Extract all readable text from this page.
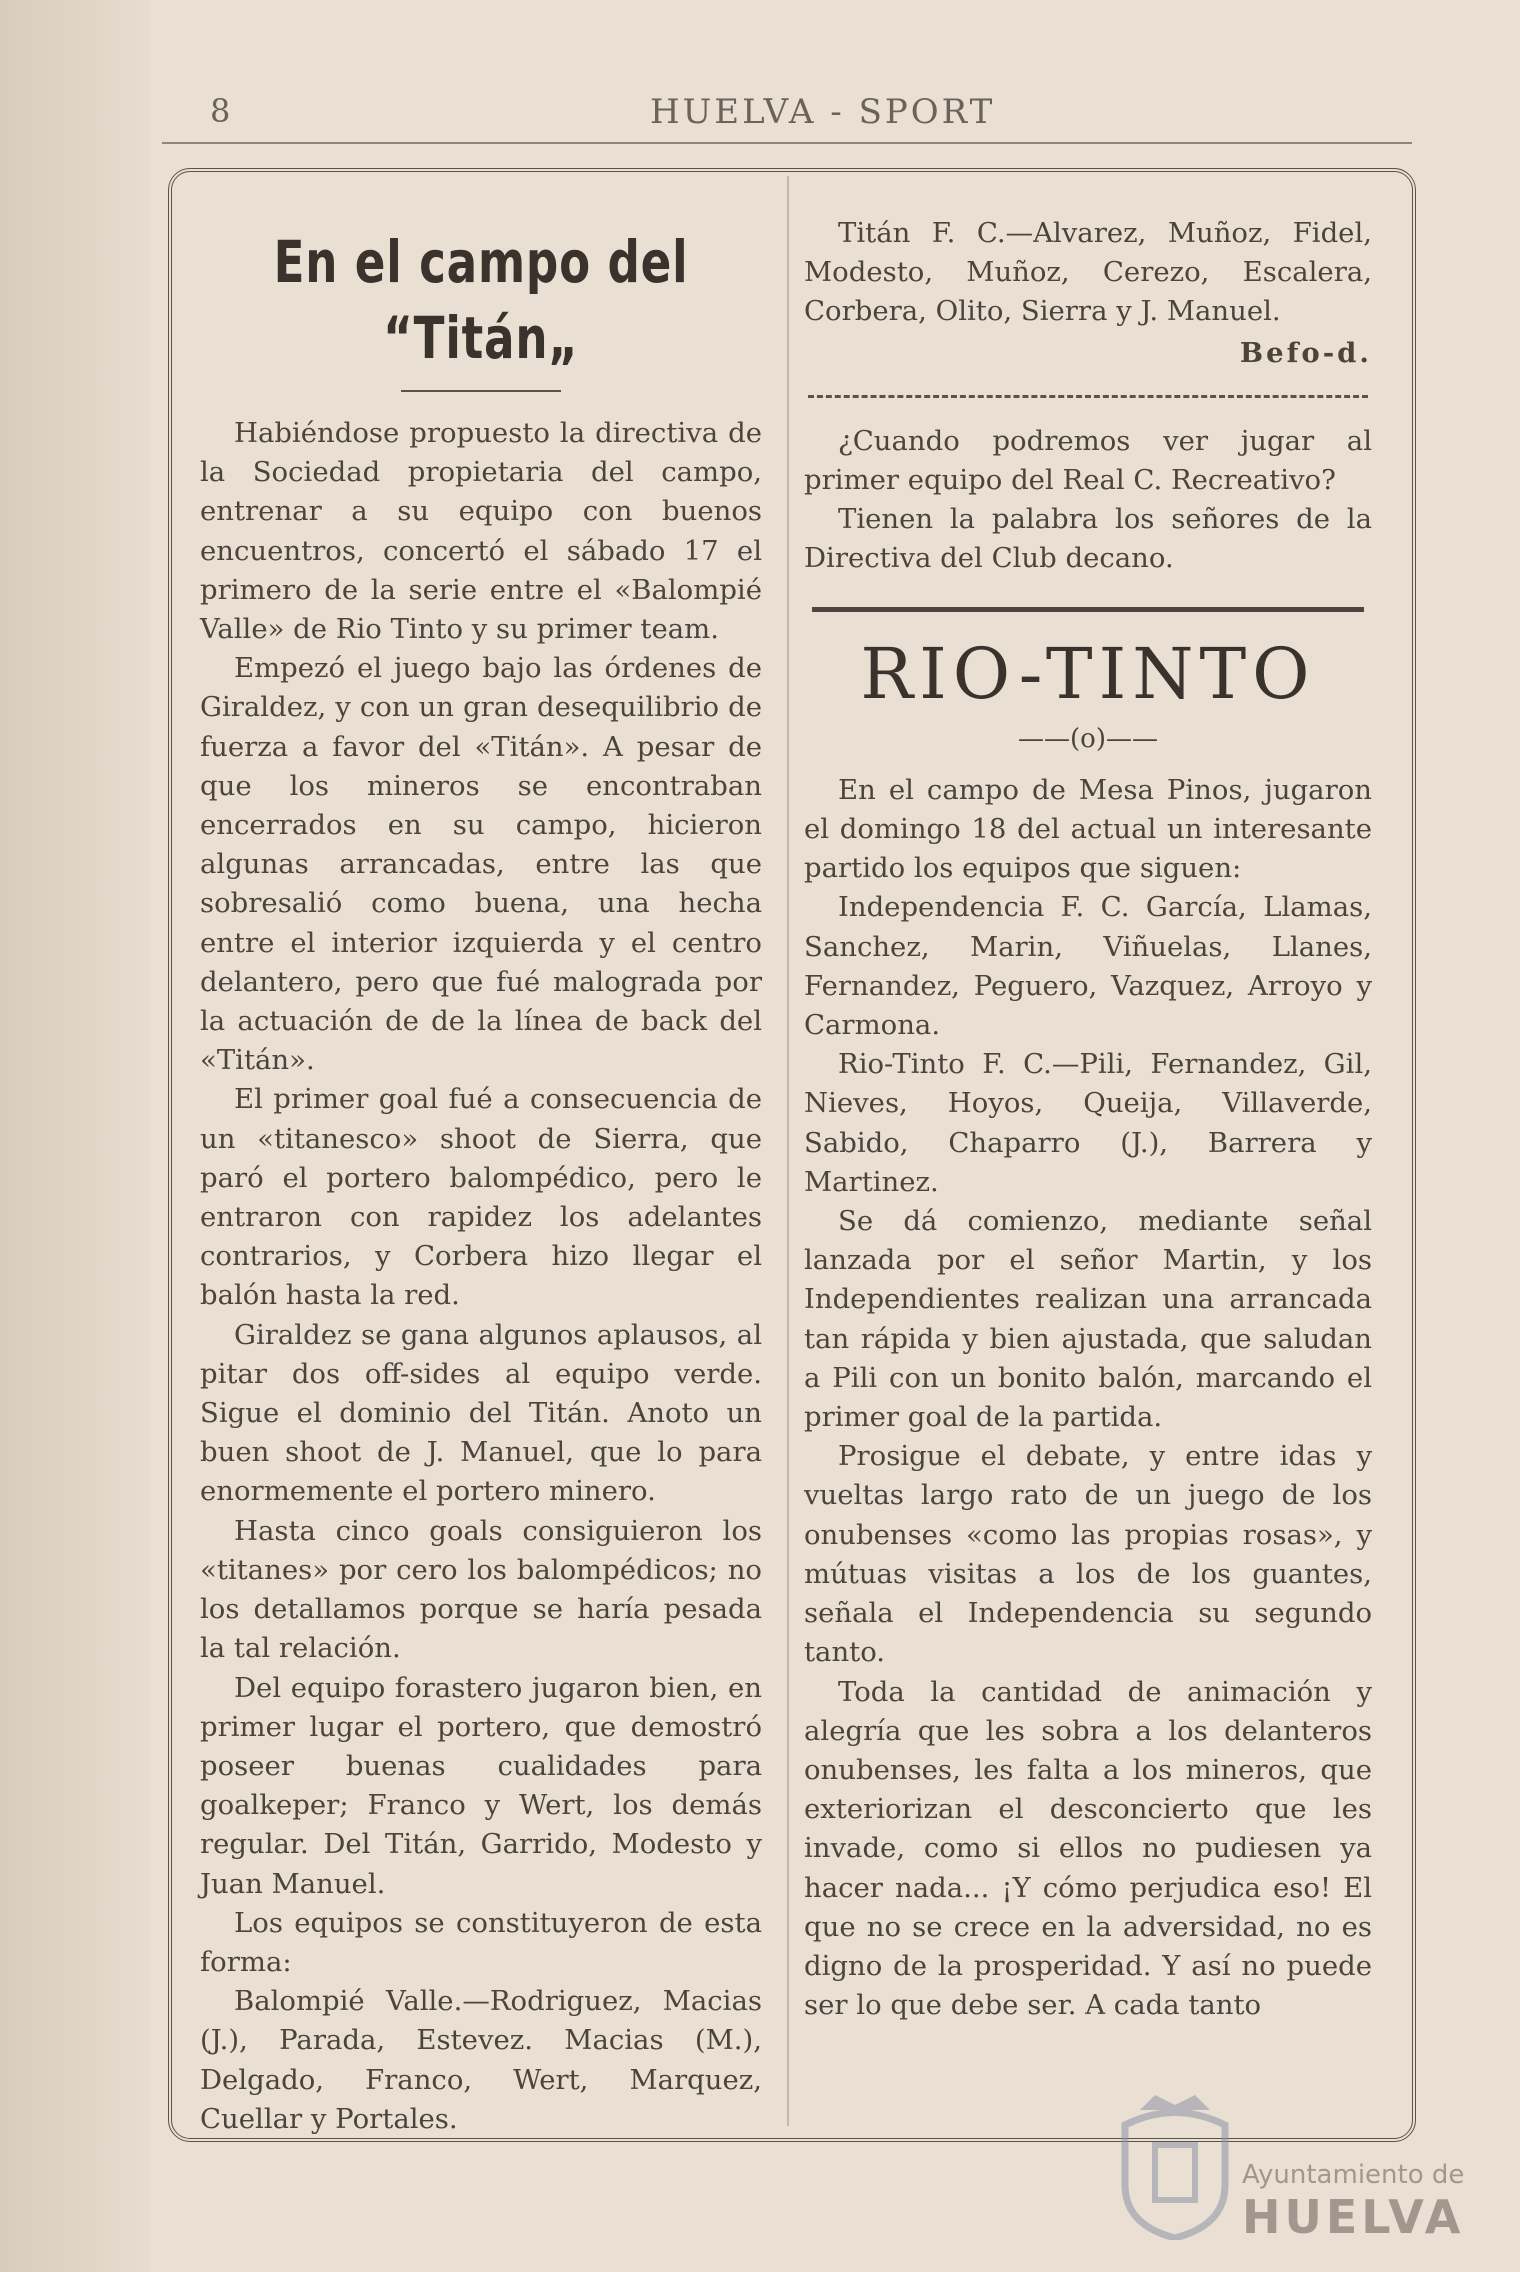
8	HUELVA - SPORT
En el campo del “Titán„

Habiéndose propuesto la directiva de la Sociedad propietaria del campo, entrenar a su equipo con buenos encuentros, concertó el sábado 17 el primero de la serie entre el «Balompié Valle» de Rio Tinto y su primer team.

Empezó el juego bajo las órdenes de Giraldez, y con un gran desequilibrio de fuerza a favor del «Titán». A pesar de que los mineros se encontraban encerrados en su campo, hicieron algunas arrancadas, entre las que sobresalió como buena, una hecha entre el interior izquierda y el centro delantero, pero que fué malograda por la actuación de de la línea de back del «Titán».

El primer goal fué a consecuencia de un «titanesco» shoot de Sierra, que paró el portero balompédico, pero le entraron con rapidez los adelantes contrarios, y Corbera hizo llegar el balón hasta la red.

Giraldez se gana algunos aplausos, al pitar dos off-sides al equipo verde. Sigue el dominio del Titán. Anoto un buen shoot de J. Manuel, que lo para enormemente el portero minero.

Hasta cinco goals consiguieron los «titanes» por cero los balompédicos; no los detallamos porque se haría pesada la tal relación.

Del equipo forastero jugaron bien, en primer lugar el portero, que demostró poseer buenas cualidades para goalkeper; Franco y Wert, los demás regular. Del Titán, Garrido, Modesto y Juan Manuel.

Los equipos se constituyeron de esta forma:

Balompié Valle.—Rodriguez, Macias (J.), Parada, Estevez. Macias (M.), Delgado, Franco, Wert, Marquez, Cuellar y Portales.

Titán F. C.—Alvarez, Muñoz, Fidel, Modesto, Muñoz, Cerezo, Escalera, Corbera, Olito, Sierra y J. Manuel.

Befo-d.

¿Cuando podremos ver jugar al primer equipo del Real C. Recreativo?

Tienen la palabra los señores de la Directiva del Club decano.

RIO-TINTO
——(o)——

En el campo de Mesa Pinos, jugaron el domingo 18 del actual un interesante partido los equipos que siguen:

Independencia F. C. García, Llamas, Sanchez, Marin, Viñuelas, Llanes, Fernandez, Peguero, Vazquez, Arroyo y Carmona.

Rio-Tinto F. C.—Pili, Fernandez, Gil, Nieves, Hoyos, Queija, Villaverde, Sabido, Chaparro (J.), Barrera y Martinez.

Se dá comienzo, mediante señal lanzada por el señor Martin, y los Independientes realizan una arrancada tan rápida y bien ajustada, que saludan a Pili con un bonito balón, marcando el primer goal de la partida.

Prosigue el debate, y entre idas y vueltas largo rato de un juego de los onubenses «como las propias rosas», y mútuas visitas a los de los guantes, señala el Independencia su segundo tanto.

Toda la cantidad de animación y alegría que les sobra a los delanteros onubenses, les falta a los mineros, que exteriorizan el desconcierto que les invade, como si ellos no pudiesen ya hacer nada... ¡Y cómo perjudica eso! El que no se crece en la adversidad, no es digno de la prosperidad. Y así no puede ser lo que debe ser. A cada tanto

Ayuntamiento de
HUELVA
